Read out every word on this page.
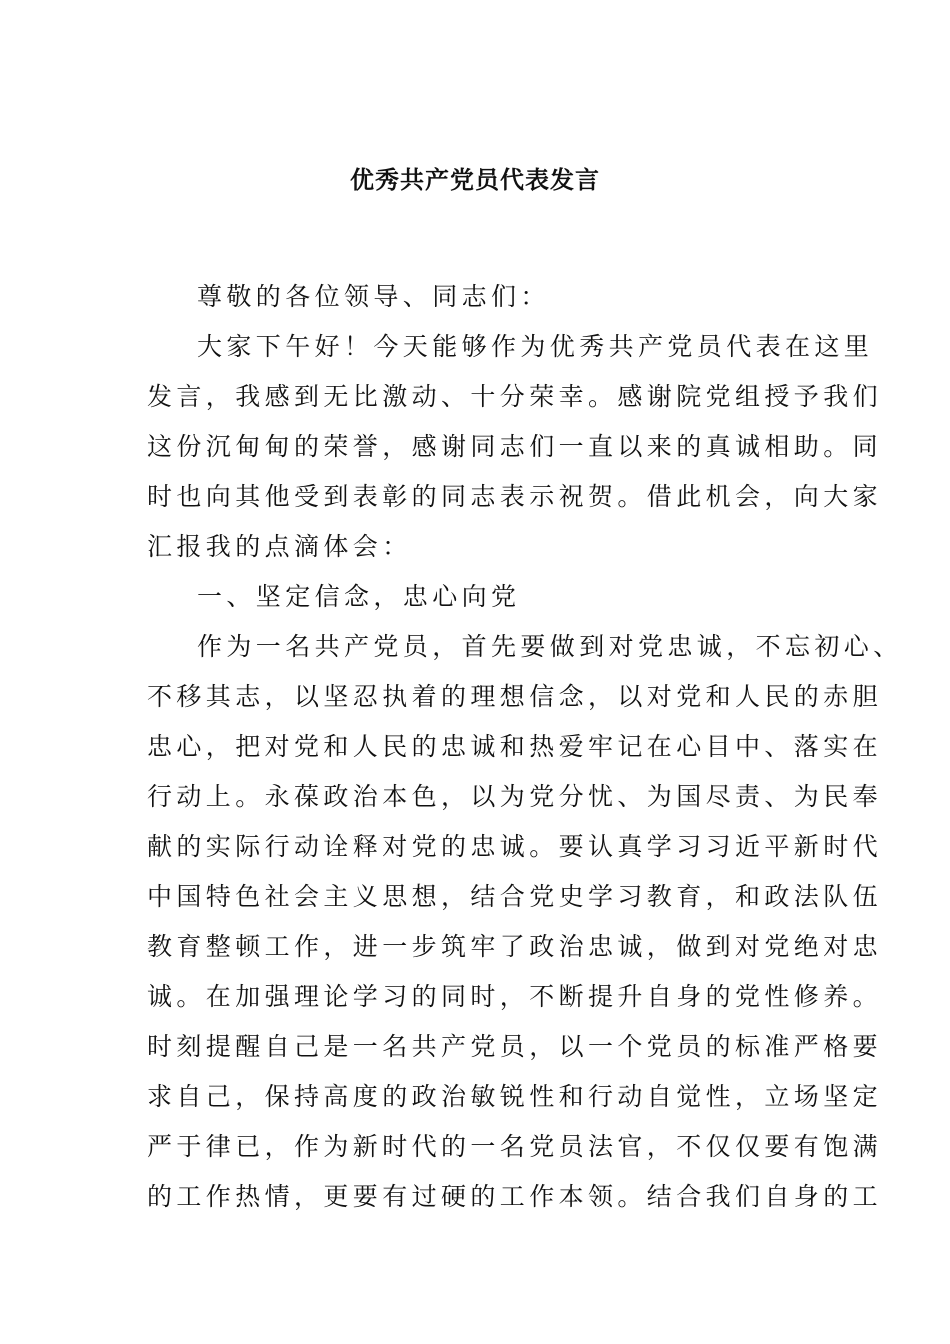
优秀共产党员代表发言
尊敬的各位领导、同志们：
大家下午好！今天能够作为优秀共产党员代表在这里
发言，我感到无比激动、十分荣幸。感谢院党组授予我们
这份沉甸甸的荣誉，感谢同志们一直以来的真诚相助。同
时也向其他受到表彰的同志表示祝贺。借此机会，向大家
汇报我的点滴体会：
一、坚定信念，忠心向党
作为一名共产党员，首先要做到对党忠诚，不忘初心、
不移其志，以坚忍执着的理想信念，以对党和人民的赤胆
忠心，把对党和人民的忠诚和热爱牢记在心目中、落实在
行动上。永葆政治本色，以为党分忧、为国尽责、为民奉
献的实际行动诠释对党的忠诚。要认真学习习近平新时代
中国特色社会主义思想，结合党史学习教育，和政法队伍
教育整顿工作，进一步筑牢了政治忠诚，做到对党绝对忠
诚。在加强理论学习的同时，不断提升自身的党性修养。
时刻提醒自己是一名共产党员，以一个党员的标准严格要
求自己，保持高度的政治敏锐性和行动自觉性，立场坚定
严于律已，作为新时代的一名党员法官，不仅仅要有饱满
的工作热情，更要有过硬的工作本领。结合我们自身的工
